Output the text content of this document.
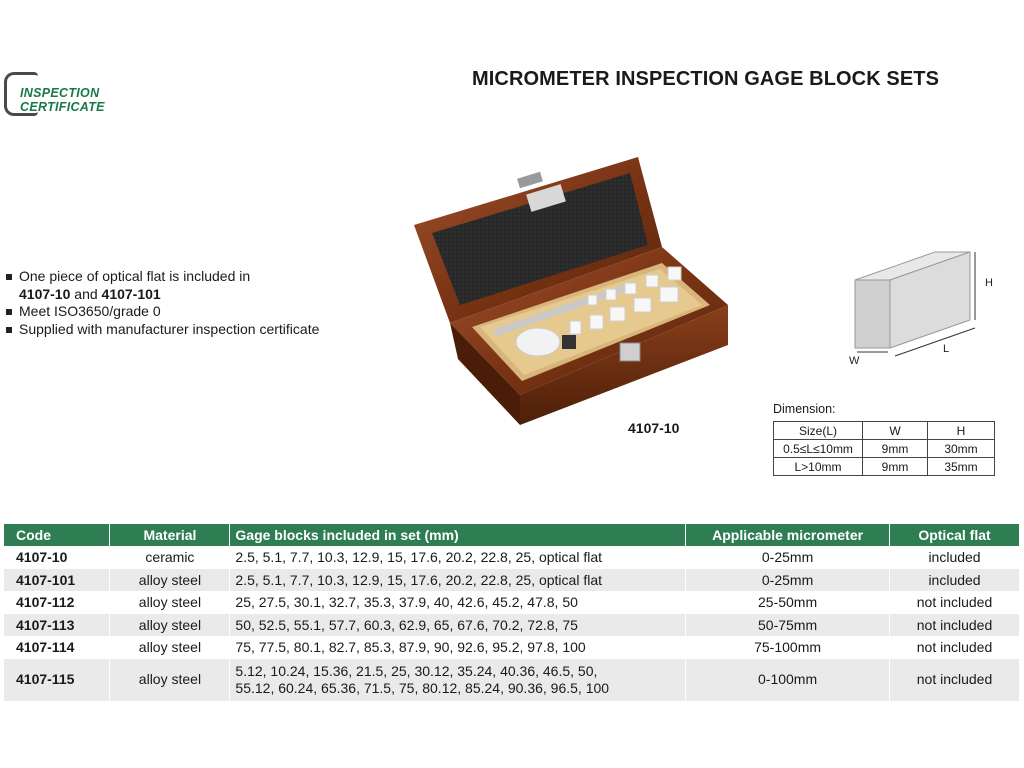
INSPECTION
CERTIFICATE
MICROMETER INSPECTION GAGE BLOCK SETS
One piece of optical flat is included in
4107-10 and 4107-101
Meet ISO3650/grade 0
Supplied with manufacturer inspection certificate
4107-10
H
L
W
Dimension:
Size(L)	W	H
0.5≤L≤10mm	9mm	30mm
L>10mm	9mm	35mm
Code	Material	Gage blocks included in set (mm)	Applicable micrometer	Optical flat
4107-10	ceramic	2.5, 5.1, 7.7, 10.3, 12.9, 15, 17.6, 20.2, 22.8, 25, optical flat	0-25mm	included
4107-101	alloy steel	2.5, 5.1, 7.7, 10.3, 12.9, 15, 17.6, 20.2, 22.8, 25, optical flat	0-25mm	included
4107-112	alloy steel	25, 27.5, 30.1, 32.7, 35.3, 37.9, 40, 42.6, 45.2, 47.8, 50	25-50mm	not included
4107-113	alloy steel	50, 52.5, 55.1, 57.7, 60.3, 62.9, 65, 67.6, 70.2, 72.8, 75	50-75mm	not included
4107-114	alloy steel	75, 77.5, 80.1, 82.7, 85.3, 87.9, 90, 92.6, 95.2, 97.8, 100	75-100mm	not included
4107-115	alloy steel	5.12, 10.24, 15.36, 21.5, 25, 30.12, 35.24, 40.36, 46.5, 50,
55.12, 60.24, 65.36, 71.5, 75, 80.12, 85.24, 90.36, 96.5, 100	0-100mm	not included
